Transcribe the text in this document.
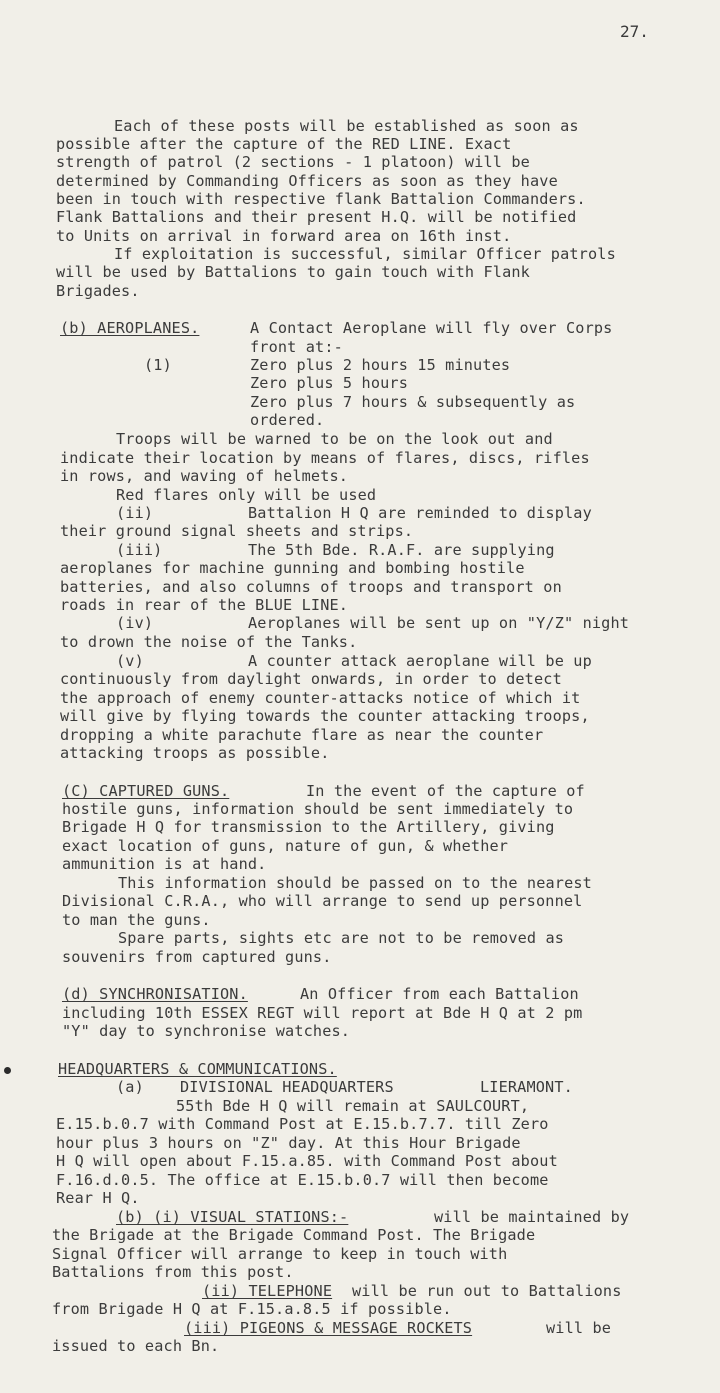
27.
Each of these posts will be established as soon as
possible after the capture of the RED LINE. Exact
strength of patrol (2 sections - 1 platoon) will be
determined by Commanding Officers as soon as they have
been in touch with respective flank Battalion Commanders.
Flank Battalions and their present H.Q. will be notified
to Units on arrival in forward area on 16th inst.
If exploitation is successful, similar Officer patrols
will be used by Battalions to gain touch with Flank
Brigades.
(b) AEROPLANES.	A Contact Aeroplane will fly over Corps
front at:-
(1)	Zero plus 2 hours 15 minutes
Zero plus 5 hours
Zero plus 7 hours & subsequently as
ordered.
Troops will be warned to be on the look out and
indicate their location by means of flares, discs, rifles
in rows, and waving of helmets.
Red flares only will be used
(ii)	Battalion H Q are reminded to display
their ground signal sheets and strips.
(iii)	The 5th Bde. R.A.F. are supplying
aeroplanes for machine gunning and bombing hostile
batteries, and also columns of troops and transport on
roads in rear of the BLUE LINE.
(iv)	Aeroplanes will be sent up on "Y/Z" night
to drown the noise of the Tanks.
(v)	A counter attack aeroplane will be up
continuously from daylight onwards, in order to detect
the approach of enemy counter-attacks notice of which it
will give by flying towards the counter attacking troops,
dropping a white parachute flare as near the counter
attacking troops as possible.
(C) CAPTURED GUNS.	In the event of the capture of
hostile guns, information should be sent immediately to
Brigade H Q for transmission to the Artillery, giving
exact location of guns, nature of gun, & whether
ammunition is at hand.
This information should be passed on to the nearest
Divisional C.R.A., who will arrange to send up personnel
to man the guns.
Spare parts, sights etc are not to be removed as
souvenirs from captured guns.
(d) SYNCHRONISATION.	An Officer from each Battalion
including 10th ESSEX REGT will report at Bde H Q at 2 pm
"Y" day to synchronise watches.
HEADQUARTERS & COMMUNICATIONS.
(a) DIVISIONAL HEADQUARTERS	LIERAMONT.
55th Bde H Q will remain at SAULCOURT,
E.15.b.0.7 with Command Post at E.15.b.7.7. till Zero
hour plus 3 hours on "Z" day. At this Hour Brigade
H Q will open about F.15.a.85. with Command Post about
F.16.d.0.5. The office at E.15.b.0.7 will then become
Rear H Q.
(b) (i) VISUAL STATIONS:-	will be maintained by
the Brigade at the Brigade Command Post. The Brigade
Signal Officer will arrange to keep in touch with
Battalions from this post.
(ii) TELEPHONE will be run out to Battalions
from Brigade H Q at F.15.a.8.5 if possible.
(iii) PIGEONS & MESSAGE ROCKETS	will be
issued to each Bn.
